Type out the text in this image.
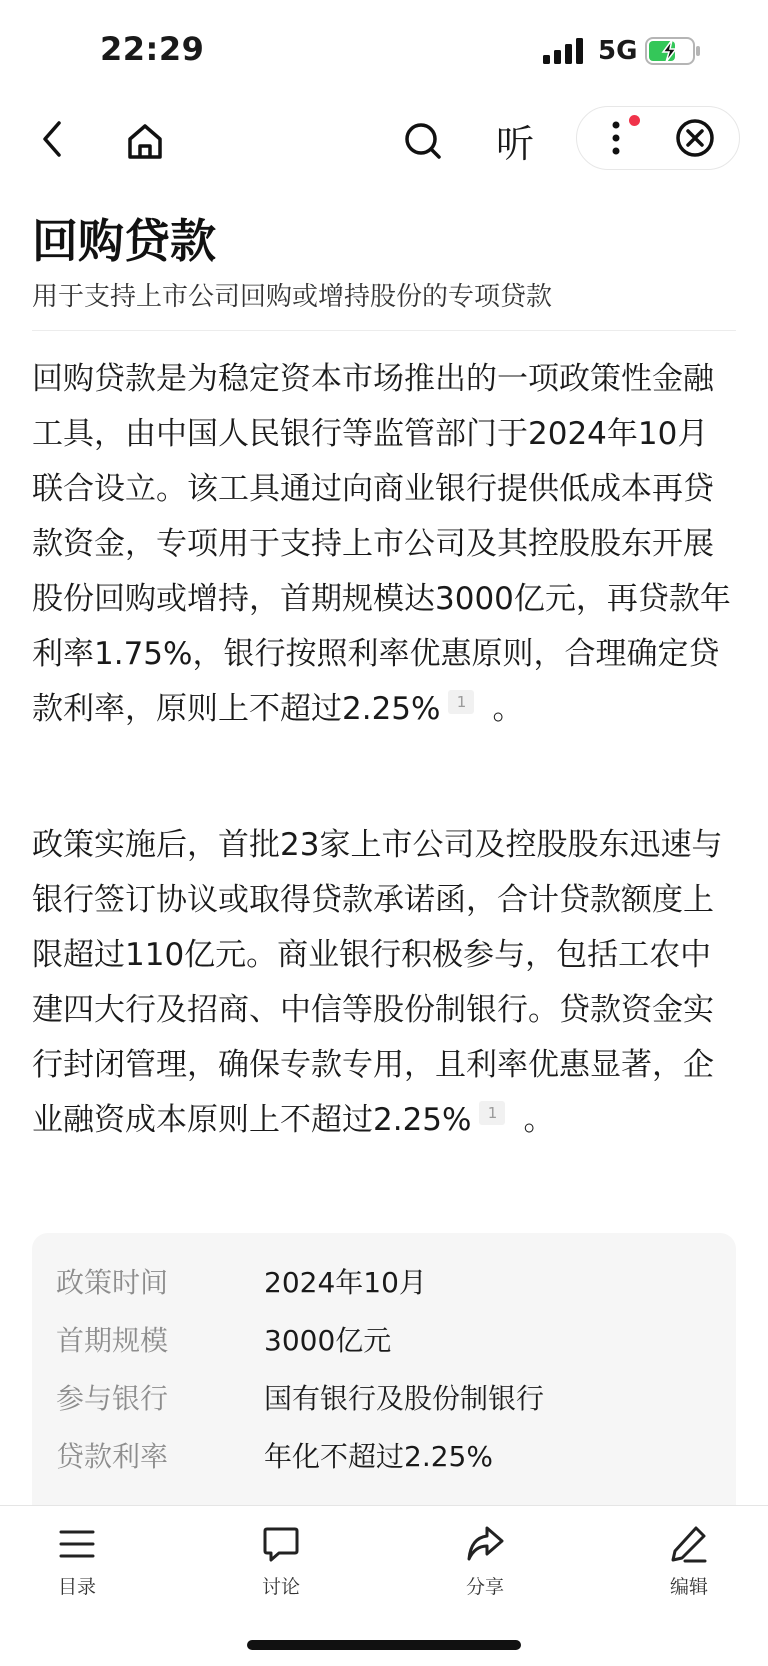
22:29	5G
听
回购贷款
用于支持上市公司回购或增持股份的专项贷款

回购贷款是为稳定资本市场推出的一项政策性金融工具，由中国人民银行等监管部门于2024年10月联合设立。该工具通过向商业银行提供低成本再贷款资金，专项用于支持上市公司及其控股股东开展股份回购或增持，首期规模达3000亿元，再贷款年利率1.75%，银行按照利率优惠原则，合理确定贷款利率，原则上不超过2.25% 1 。

政策实施后，首批23家上市公司及控股股东迅速与银行签订协议或取得贷款承诺函，合计贷款额度上限超过110亿元。商业银行积极参与，包括工农中建四大行及招商、中信等股份制银行。贷款资金实行封闭管理，确保专款专用，且利率优惠显著，企业融资成本原则上不超过2.25% 1 。

政策时间	2024年10月
首期规模	3000亿元
参与银行	国有银行及股份制银行
贷款利率	年化不超过2.25%
目录	讨论	分享	编辑
